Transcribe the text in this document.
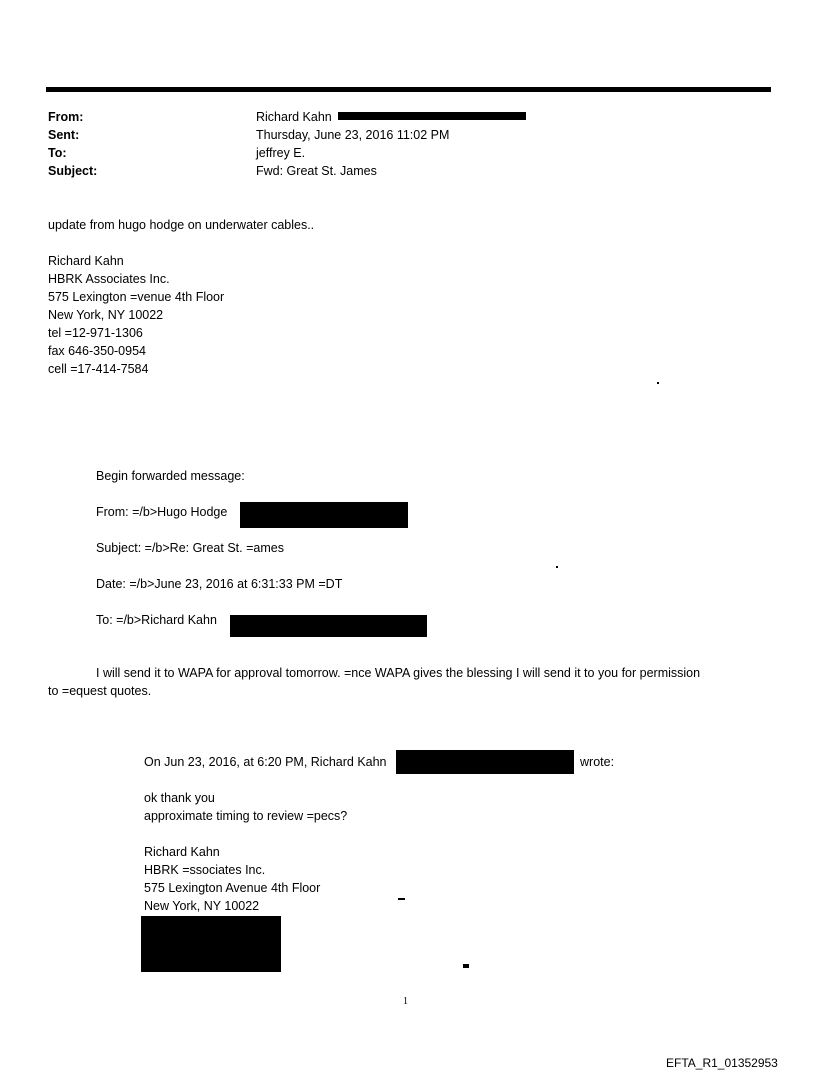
From:	Richard Kahn
Sent:	Thursday, June 23, 2016 11:02 PM
To:	jeffrey E.
Subject:	Fwd: Great St. James
update from hugo hodge on underwater cables..
Richard Kahn
HBRK Associates Inc.
575 Lexington =venue 4th Floor
New York, NY 10022
tel =12-971-1306
fax 646-350-0954
cell =17-414-7584
Begin forwarded message:
From: =/b>Hugo Hodge
Subject: =/b>Re: Great St. =ames
Date: =/b>June 23, 2016 at 6:31:33 PM =DT
To: =/b>Richard Kahn
I will send it to WAPA for approval tomorrow. =nce WAPA gives the blessing I will send it to you for permission
to =equest quotes.
On Jun 23, 2016, at 6:20 PM, Richard Kahn	wrote:
ok thank you
approximate timing to review =pecs?
Richard Kahn
HBRK =ssociates Inc.
575 Lexington Avenue 4th Floor
New York, NY 10022
1
EFTA_R1_01352953
